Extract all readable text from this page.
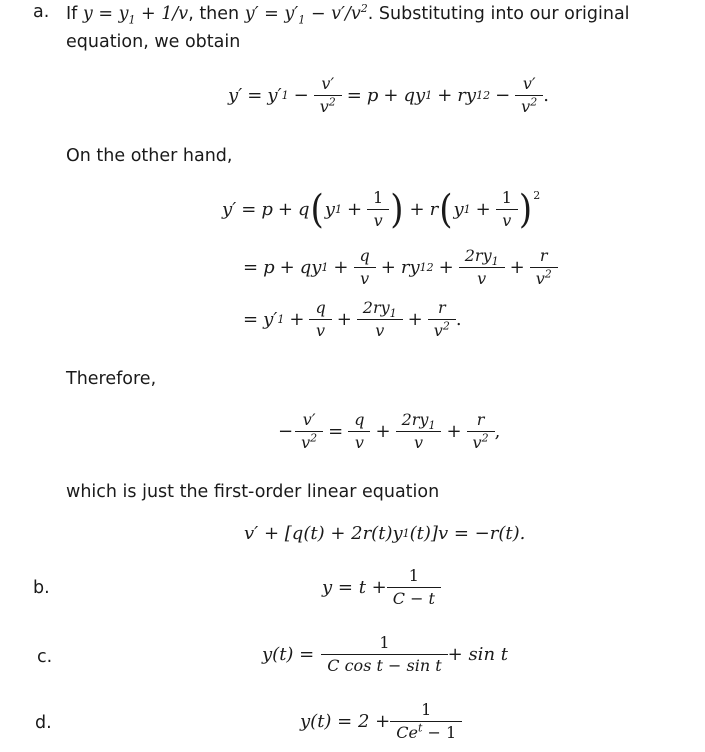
a.
b.
c.
d.
If $y = y_1 + 1/v$, then $y' = y'_1 - v'/v^2$. Substituting into our original
equation, we obtain
y′ = y′ $1 - \frac{v'}{v^2} = p + q$ y 1 + r y 1 $2 - \frac{v'}{v^2}$ .
On the other hand,
y′ = p + q ( y $1 + \frac{1}{v}$ ) + r ( y $1 + \frac{1}{v} )^2$
= p + q y $1 + \frac{q}{v} + r$ y 1 $2 + \frac{2ry_1}{v} + \frac{r}{v^2}$
= y′ $1 + \frac{q}{v} + \frac{2ry_1}{v} + \frac{r}{v^2}$ .
Therefore,
− $\frac{v'}{v^2} = \frac{q}{v} + \frac{2ry_1}{v} + \frac{r}{v^2}$ ,
which is just the first-order linear equation
v′ + [q(t) + 2r(t)y 1 (t)]v = −r(t).
$y = t + \frac{1}{C - t}$
$y(t) = \frac{1}{\text{C cos t − sin t}} + \sin t$
$y(t) = 2 + \frac{1}{Ce^t - 1}$
